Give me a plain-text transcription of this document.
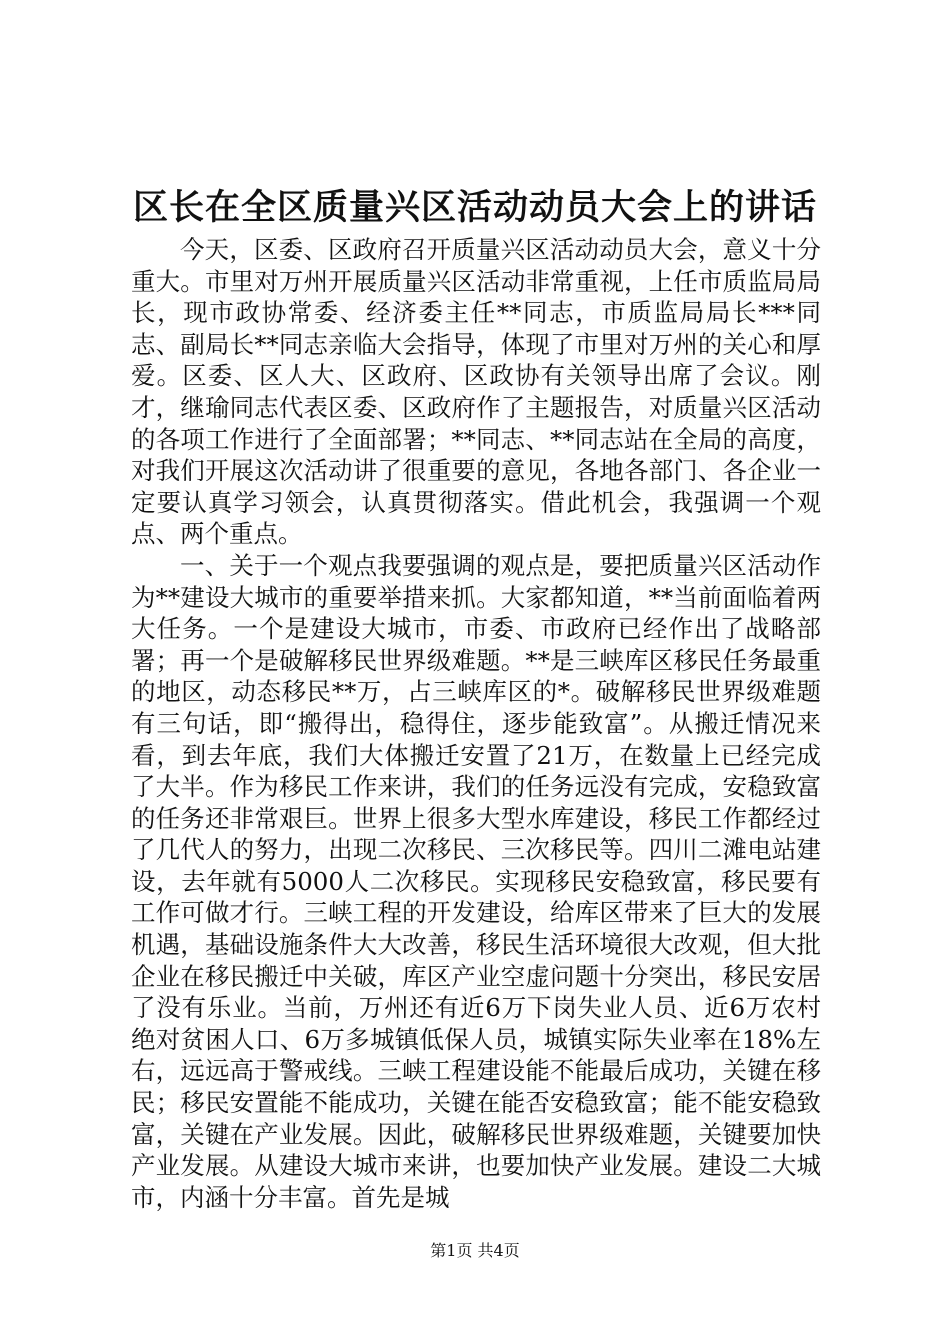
区长在全区质量兴区活动动员大会上的讲话

今天，区委、区政府召开质量兴区活动动员大会，意义十分重大。市里对万州开展质量兴区活动非常重视，上任市质监局局长，现市政协常委、经济委主任**同志，市质监局局长***同志、副局长**同志亲临大会指导，体现了市里对万州的关心和厚爱。区委、区人大、区政府、区政协有关领导出席了会议。刚才，继瑜同志代表区委、区政府作了主题报告，对质量兴区活动的各项工作进行了全面部署；**同志、**同志站在全局的高度，对我们开展这次活动讲了很重要的意见，各地各部门、各企业一定要认真学习领会，认真贯彻落实。借此机会，我强调一个观点、两个重点。

一、关于一个观点我要强调的观点是，要把质量兴区活动作为**建设大城市的重要举措来抓。大家都知道，**当前面临着两大任务。一个是建设大城市，市委、市政府已经作出了战略部署；再一个是破解移民世界级难题。**是三峡库区移民任务最重的地区，动态移民**万，占三峡库区的*。破解移民世界级难题有三句话，即“搬得出，稳得住，逐步能致富”。从搬迁情况来看，到去年底，我们大体搬迁安置了21万，在数量上已经完成了大半。作为移民工作来讲，我们的任务远没有完成，安稳致富的任务还非常艰巨。世界上很多大型水库建设，移民工作都经过了几代人的努力，出现二次移民、三次移民等。四川二滩电站建设，去年就有5000人二次移民。实现移民安稳致富，移民要有工作可做才行。三峡工程的开发建设，给库区带来了巨大的发展机遇，基础设施条件大大改善，移民生活环境很大改观，但大批企业在移民搬迁中关破，库区产业空虚问题十分突出，移民安居了没有乐业。当前，万州还有近6万下岗失业人员、近6万农村绝对贫困人口、6万多城镇低保人员，城镇实际失业率在18%左右，远远高于警戒线。三峡工程建设能不能最后成功，关键在移民；移民安置能不能成功，关键在能否安稳致富；能不能安稳致富，关键在产业发展。因此，破解移民世界级难题，关键要加快产业发展。从建设大城市来讲，也要加快产业发展。建设二大城市，内涵十分丰富。首先是城

第1页 共4页
